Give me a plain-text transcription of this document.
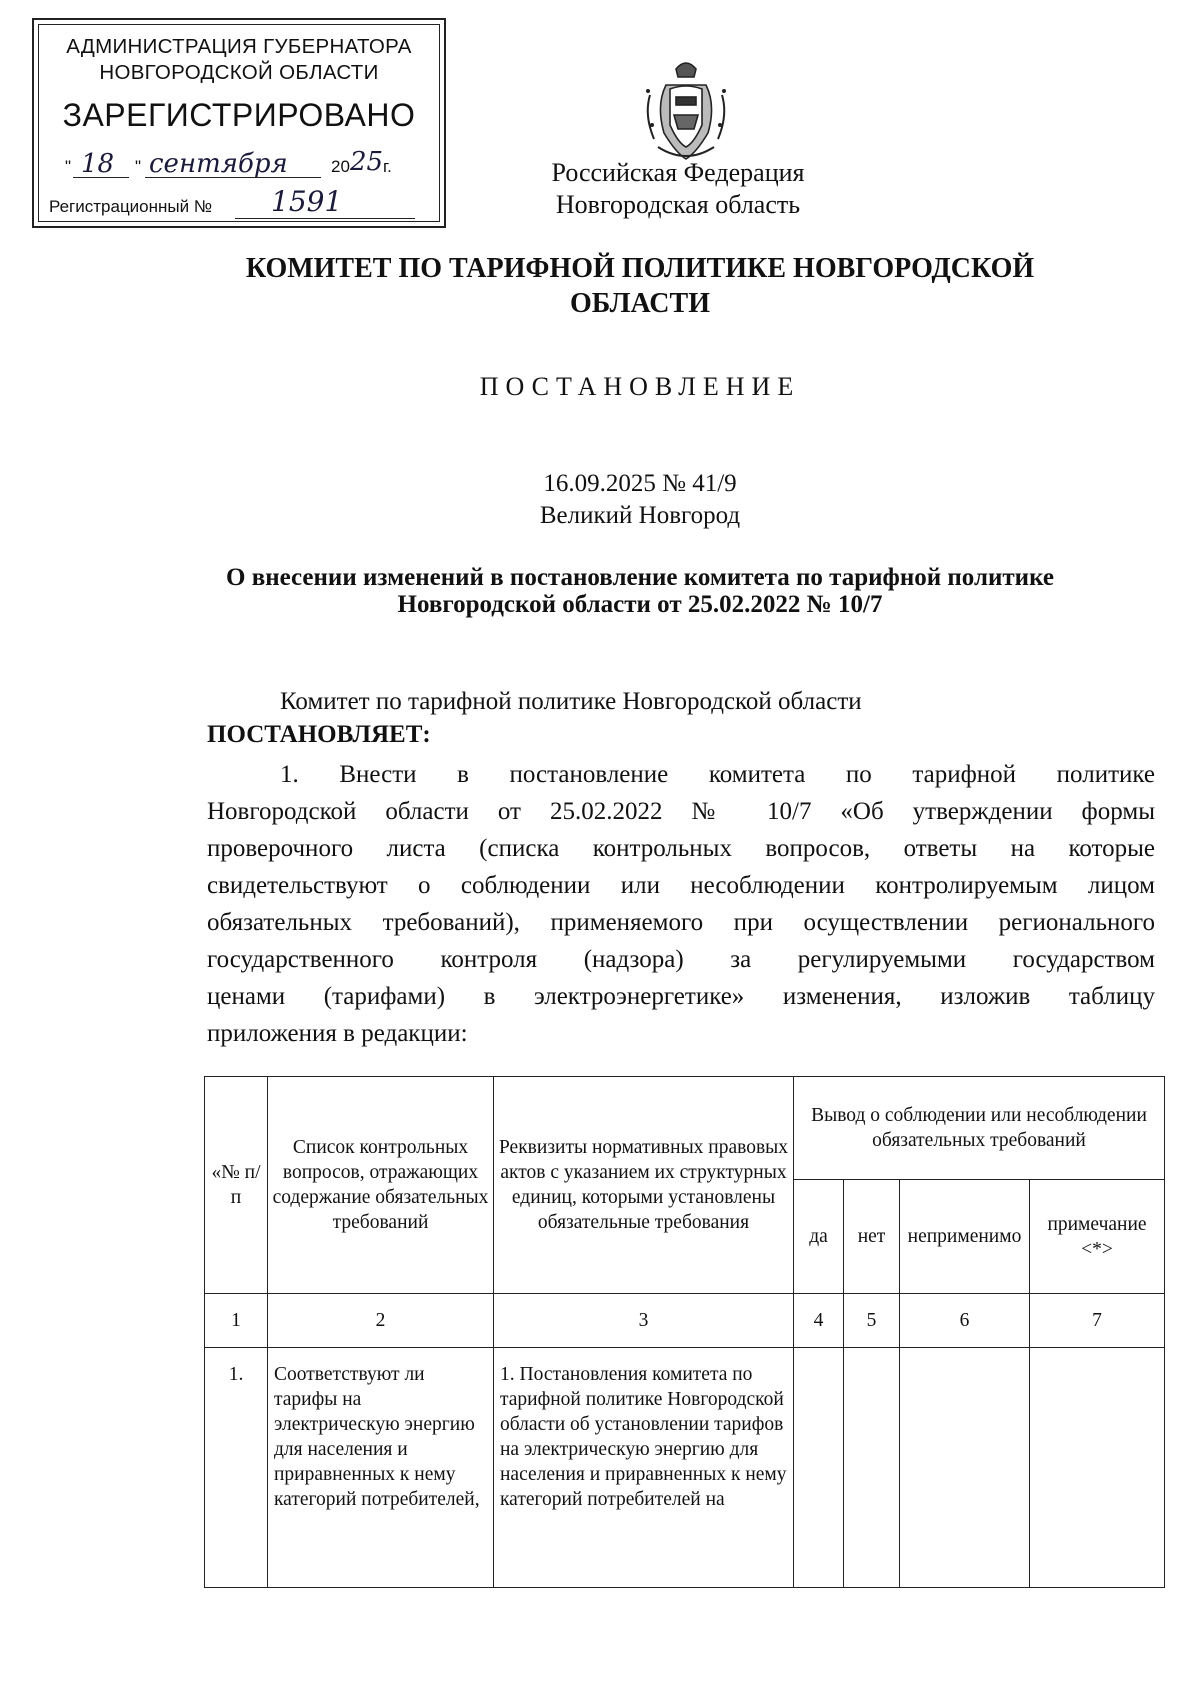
АДМИНИСТРАЦИЯ ГУБЕРНАТОРА
НОВГОРОДСКОЙ ОБЛАСТИ
ЗАРЕГИСТРИРОВАНО
" 18 " сентября	20 25 г.
Регистрационный № 1591
Российская Федерация
Новгородская область
КОМИТЕТ ПО ТАРИФНОЙ ПОЛИТИКЕ НОВГОРОДСКОЙ
ОБЛАСТИ
ПОСТАНОВЛЕНИЕ
16.09.2025 № 41/9
Великий Новгород
О внесении изменений в постановление комитета по тарифной политике
Новгородской области от 25.02.2022 № 10/7
Комитет по тарифной политике Новгородской области
ПОСТАНОВЛЯЕТ:
1. Внести в постановление комитета по тарифной политике
Новгородской области от 25.02.2022 № 10/7 «Об утверждении формы
проверочного листа (списка контрольных вопросов, ответы на которые
свидетельствуют о соблюдении или несоблюдении контролируемым лицом
обязательных требований), применяемого при осуществлении регионального
государственного контроля (надзора) за регулируемыми государством
ценами (тарифами) в электроэнергетике» изменения, изложив таблицу
приложения в редакции:
«№ п/п	Список контрольных вопросов, отражающих содержание обязательных требований	Реквизиты нормативных правовых актов с указанием их структурных единиц, которыми установлены обязательные требования	Вывод о соблюдении или несоблюдении обязательных требований			
			да	нет	неприменимо	примечание <*>
1	2	3	4	5	6	7
1.	Соответствуют ли тарифы на электрическую энергию для населения и приравненных к нему категорий потребителей,	1. Постановления комитета по тарифной политике Новгородской области об установлении тарифов на электрическую энергию для населения и приравненных к нему категорий потребителей на				
